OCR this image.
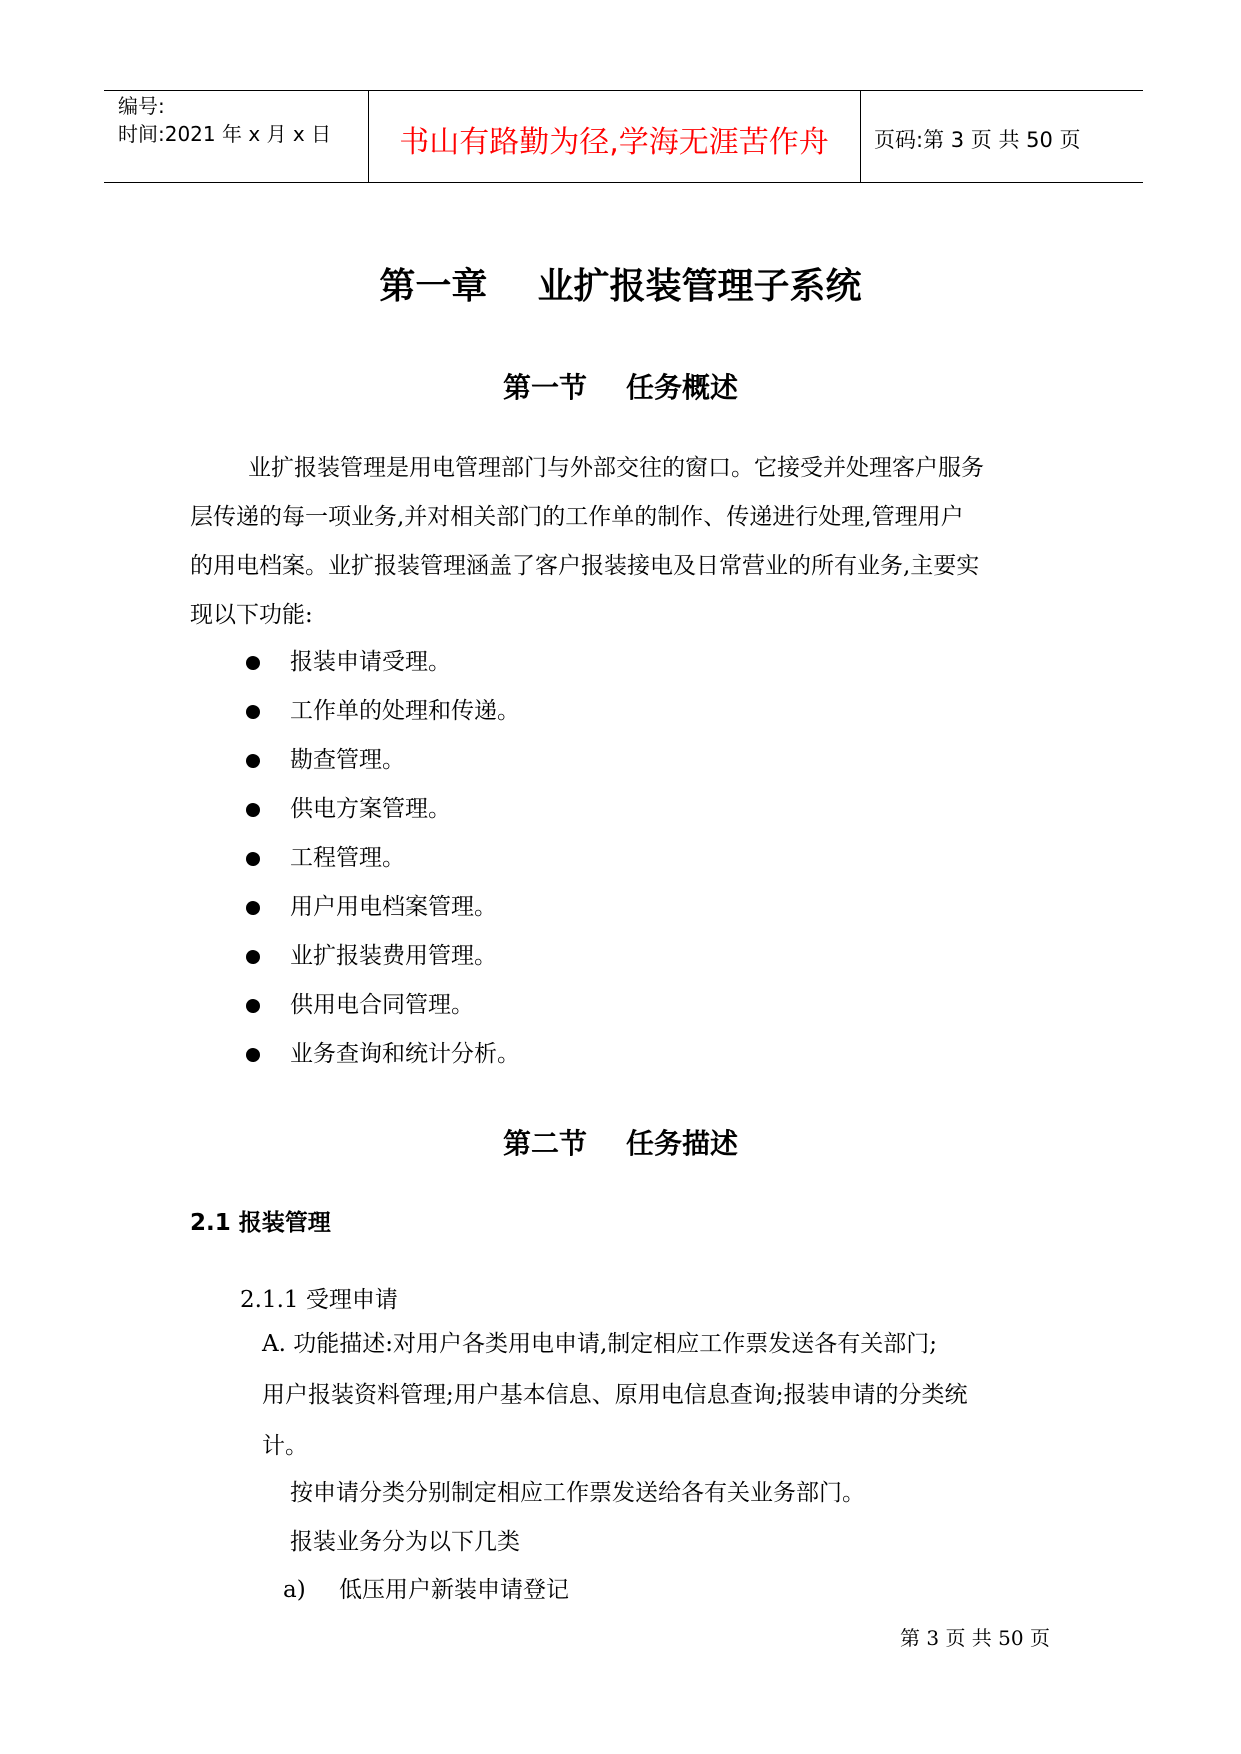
编号:
时间:2021 年 x 月 x 日	书山有路勤为径,学海无涯苦作舟	页码:第 3 页 共 50 页
第一章    业扩报装管理子系统
第一节    任务概述
业扩报装管理是用电管理部门与外部交往的窗口。它接受并处理客户服务
层传递的每一项业务,并对相关部门的工作单的制作、传递进行处理,管理用户
的用电档案。业扩报装管理涵盖了客户报装接电及日常营业的所有业务,主要实
现以下功能:
报装申请受理。
工作单的处理和传递。
勘查管理。
供电方案管理。
工程管理。
用户用电档案管理。
业扩报装费用管理。
供用电合同管理。
业务查询和统计分析。
第二节    任务描述
2.1 报装管理
2.1.1 受理申请
A. 功能描述:对用户各类用电申请,制定相应工作票发送各有关部门;
用户报装资料管理;用户基本信息、原用电信息查询;报装申请的分类统
计。
按申请分类分别制定相应工作票发送给各有关业务部门。
报装业务分为以下几类
a) 低压用户新装申请登记
第 3 页 共 50 页
